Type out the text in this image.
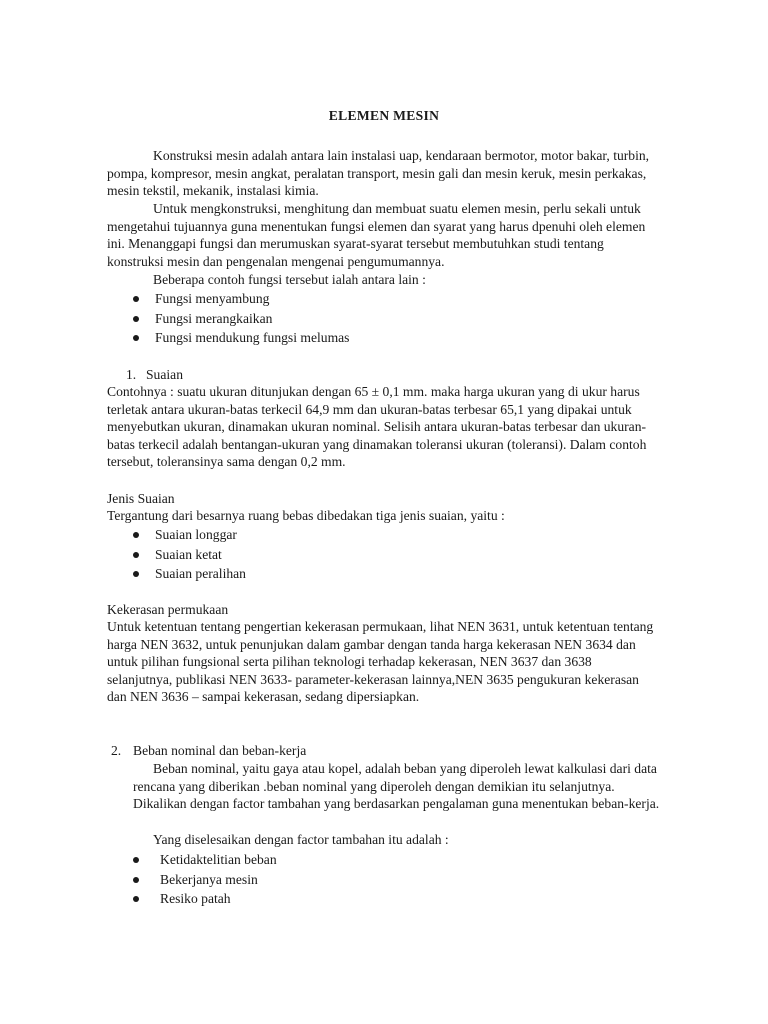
ELEMEN MESIN

Konstruksi mesin adalah antara lain instalasi uap, kendaraan bermotor, motor bakar, turbin, pompa, kompresor, mesin angkat, peralatan transport, mesin gali dan mesin keruk, mesin perkakas, mesin tekstil, mekanik, instalasi kimia.

Untuk mengkonstruksi, menghitung dan membuat suatu elemen mesin, perlu sekali untuk mengetahui tujuannya guna menentukan fungsi elemen dan syarat yang harus dpenuhi oleh elemen ini. Menanggapi fungsi dan merumuskan syarat-syarat tersebut membutuhkan studi tentang konstruksi mesin dan pengenalan mengenai pengumumannya.

Beberapa contoh fungsi tersebut ialah antara lain :

Fungsi menyambung
Fungsi merangkaikan
Fungsi mendukung fungsi melumas
1. Suaian

Contohnya : suatu ukuran ditunjukan dengan 65 ± 0,1 mm. maka harga ukuran yang di ukur harus terletak antara ukuran-batas terkecil 64,9 mm dan ukuran-batas terbesar 65,1 yang dipakai untuk menyebutkan ukuran, dinamakan ukuran nominal. Selisih antara ukuran-batas terbesar dan ukuran-batas terkecil adalah bentangan-ukuran yang dinamakan toleransi ukuran (toleransi). Dalam contoh tersebut, toleransinya sama dengan 0,2 mm.

Jenis Suaian

Tergantung dari besarnya ruang bebas dibedakan tiga jenis suaian, yaitu :

Suaian longgar
Suaian ketat
Suaian peralihan
Kekerasan permukaan

Untuk ketentuan tentang pengertian kekerasan permukaan, lihat NEN 3631, untuk ketentuan tentang harga NEN 3632, untuk penunjukan dalam gambar dengan tanda harga kekerasan NEN 3634 dan untuk pilihan fungsional serta pilihan teknologi terhadap kekerasan, NEN 3637 dan 3638 selanjutnya, publikasi NEN 3633- parameter-kekerasan lainnya,NEN 3635 pengukuran kekerasan dan NEN 3636 – sampai kekerasan, sedang dipersiapkan.

2. Beban nominal dan beban-kerja

Beban nominal, yaitu gaya atau kopel, adalah beban yang diperoleh lewat kalkulasi dari data rencana yang diberikan .beban nominal yang diperoleh dengan demikian itu selanjutnya. Dikalikan dengan factor tambahan yang berdasarkan pengalaman guna menentukan beban-kerja.

Yang diselesaikan dengan factor tambahan itu adalah :

Ketidaktelitian beban
Bekerjanya mesin
Resiko patah
